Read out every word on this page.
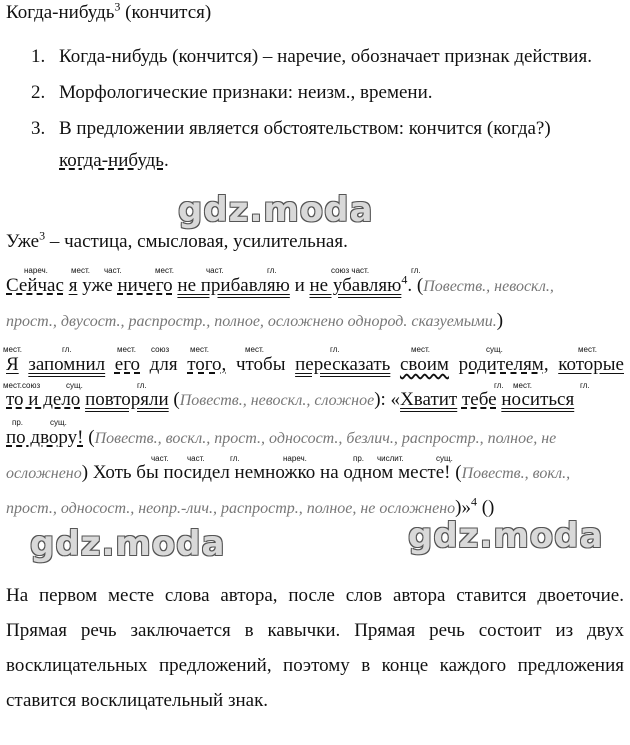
Когда-нибудь$^3$ (кончится)
1. Когда-нибудь (кончится) – наречие, обозначает признак действия.
2. Морфологические признаки: неизм., времени.
3. В предложении является обстоятельством: кончится (когда?)
когда-нибудь.
Уже$^3$ – частица, смысловая, усилительная.
нареч.	мест. част.	мест.	част.	гл.	союз част.	гл.
Сейчас я уже ничего не прибавляю и не убавляю$^4$. (Повеств., невоскл.,
прост., двусост., распростр., полное, осложнено однород. сказуемыми.)
мест.	гл.	мест. союз	мест.	мест.	гл.	мест.	сущ.	мест.
Я запомнил его для того, чтобы пересказать своим родителям, которые
мест.союз	сущ.	гл.	гл. мест.	гл.
то и дело повторяли (Повеств., невоскл., сложное): «Хватит тебе носиться
пр.	сущ.
по двору! (Повеств., воскл., прост., односост., безлич., распростр., полное, не
част. част.	гл.	нареч.	пр. числит.	сущ.
осложнено) Хоть бы посидел немножко на одном месте! (Повеств., вокл.,
прост., односост., неопр.-лич., распростр., полное, не осложнено)»$^4$ ()
gdz.moda
gdz.moda	gdz.moda
На первом месте слова автора, после слов автора ставится двоеточие. Прямая речь заключается в кавычки. Прямая речь состоит из двух восклицательных предложений, поэтому в конце каждого предложения ставится восклицательный знак.
